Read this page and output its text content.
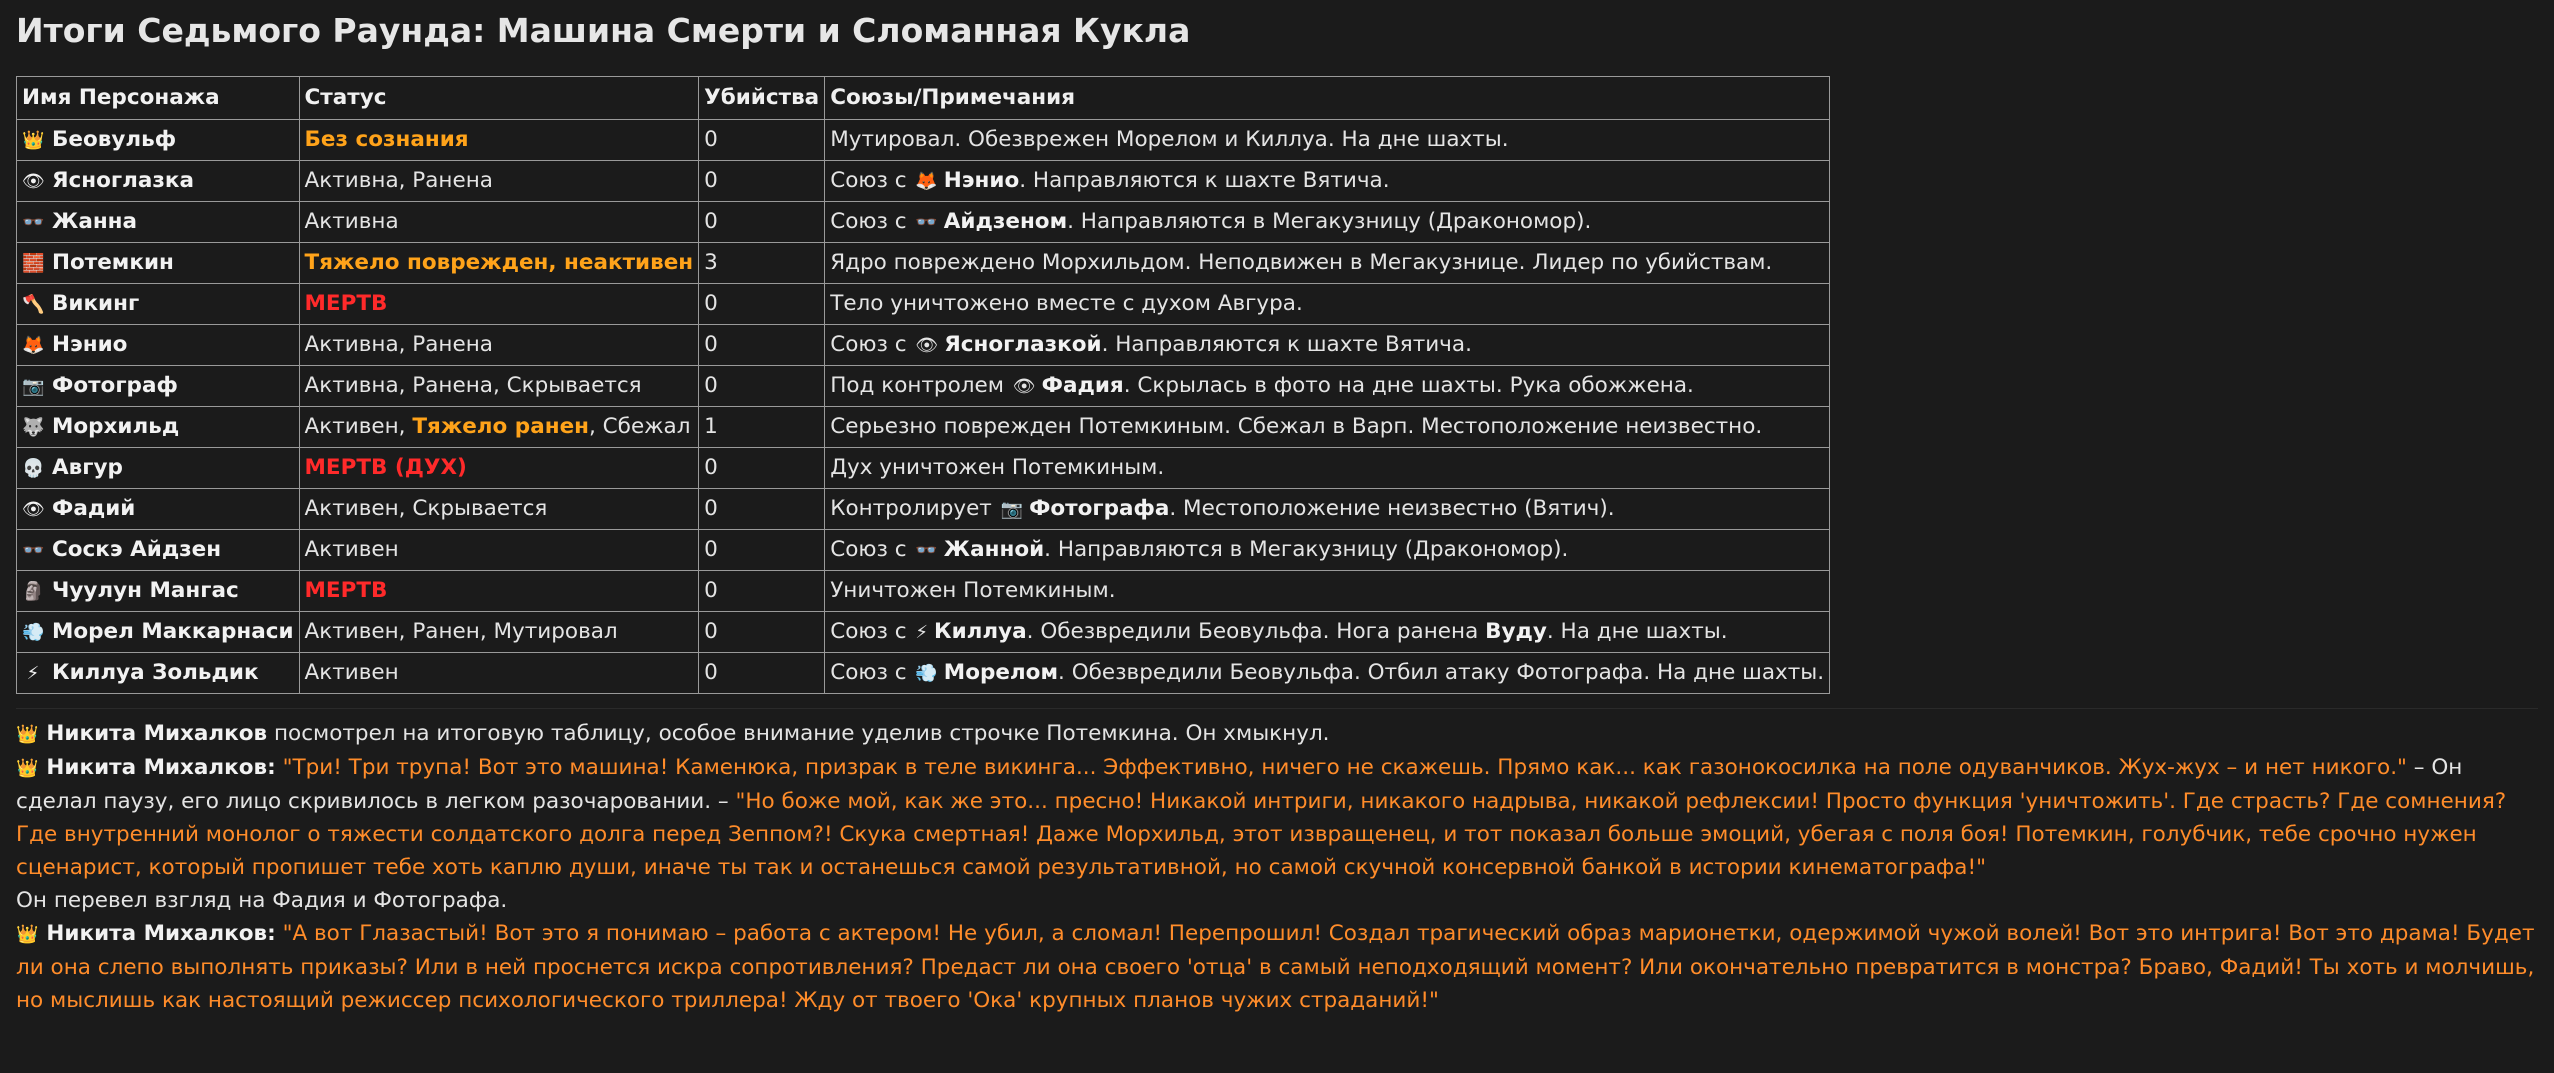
Итоги Седьмого Раунда: Машина Смерти и Сломанная Кукла
Имя Персонажа	Статус	Убийства	Союзы/Примечания
👑 Беовульф	Без сознания	0	Мутировал. Обезврежен Морелом и Киллуа. На дне шахты.
👁 Ясноглазка	Активна, Ранена	0	Союз с 🦊 Нэнио. Направляются к шахте Вятича.
👓 Жанна	Активна	0	Союз с 👓 Айдзеном. Направляются в Мегакузницу (Дракономор).
🧱 Потемкин	Тяжело поврежден, неактивен	3	Ядро повреждено Морхильдом. Неподвижен в Мегакузнице. Лидер по убийствам.
🪓 Викинг	МЕРТВ	0	Тело уничтожено вместе с духом Авгура.
🦊 Нэнио	Активна, Ранена	0	Союз с 👁 Ясноглазкой. Направляются к шахте Вятича.
📷 Фотограф	Активна, Ранена, Скрывается	0	Под контролем 👁 Фадия. Скрылась в фото на дне шахты. Рука обожжена.
🐺 Морхильд	Активен, Тяжело ранен, Сбежал	1	Серьезно поврежден Потемкиным. Сбежал в Варп. Местоположение неизвестно.
💀 Авгур	МЕРТВ (ДУХ)	0	Дух уничтожен Потемкиным.
👁 Фадий	Активен, Скрывается	0	Контролирует 📷 Фотографа. Местоположение неизвестно (Вятич).
👓 Соскэ Айдзен	Активен	0	Союз с 👓 Жанной. Направляются в Мегакузницу (Дракономор).
🗿 Чуулун Мангас	МЕРТВ	0	Уничтожен Потемкиным.
💨 Морел Маккарнаси	Активен, Ранен, Мутировал	0	Союз с ⚡ Киллуа. Обезвредили Беовульфа. Нога ранена Вуду. На дне шахты.
⚡ Киллуа Зольдик	Активен	0	Союз с 💨 Морелом. Обезвредили Беовульфа. Отбил атаку Фотографа. На дне шахты.

👑 Никита Михалков посмотрел на итоговую таблицу, особое внимание уделив строчке Потемкина. Он хмыкнул.

👑 Никита Михалков: "Три! Три трупа! Вот это машина! Каменюка, призрак в теле викинга... Эффективно, ничего не скажешь. Прямо как... как газонокосилка на поле одуванчиков. Жух-жух – и нет никого." – Он сделал паузу, его лицо скривилось в легком разочаровании. – "Но боже мой, как же это... пресно! Никакой интриги, никакого надрыва, никакой рефлексии! Просто функция 'уничтожить'. Где страсть? Где сомнения? Где внутренний монолог о тяжести солдатского долга перед Зеппом?! Скука смертная! Даже Морхильд, этот извращенец, и тот показал больше эмоций, убегая с поля боя! Потемкин, голубчик, тебе срочно нужен сценарист, который пропишет тебе хоть каплю души, иначе ты так и останешься самой результативной, но самой скучной консервной банкой в истории кинематографа!"

Он перевел взгляд на Фадия и Фотографа.

👑 Никита Михалков: "А вот Глазастый! Вот это я понимаю – работа с актером! Не убил, а сломал! Перепрошил! Создал трагический образ марионетки, одержимой чужой волей! Вот это интрига! Вот это драма! Будет ли она слепо выполнять приказы? Или в ней проснется искра сопротивления? Предаст ли она своего 'отца' в самый неподходящий момент? Или окончательно превратится в монстра? Браво, Фадий! Ты хоть и молчишь, но мыслишь как настоящий режиссер психологического триллера! Жду от твоего 'Ока' крупных планов чужих страданий!"
